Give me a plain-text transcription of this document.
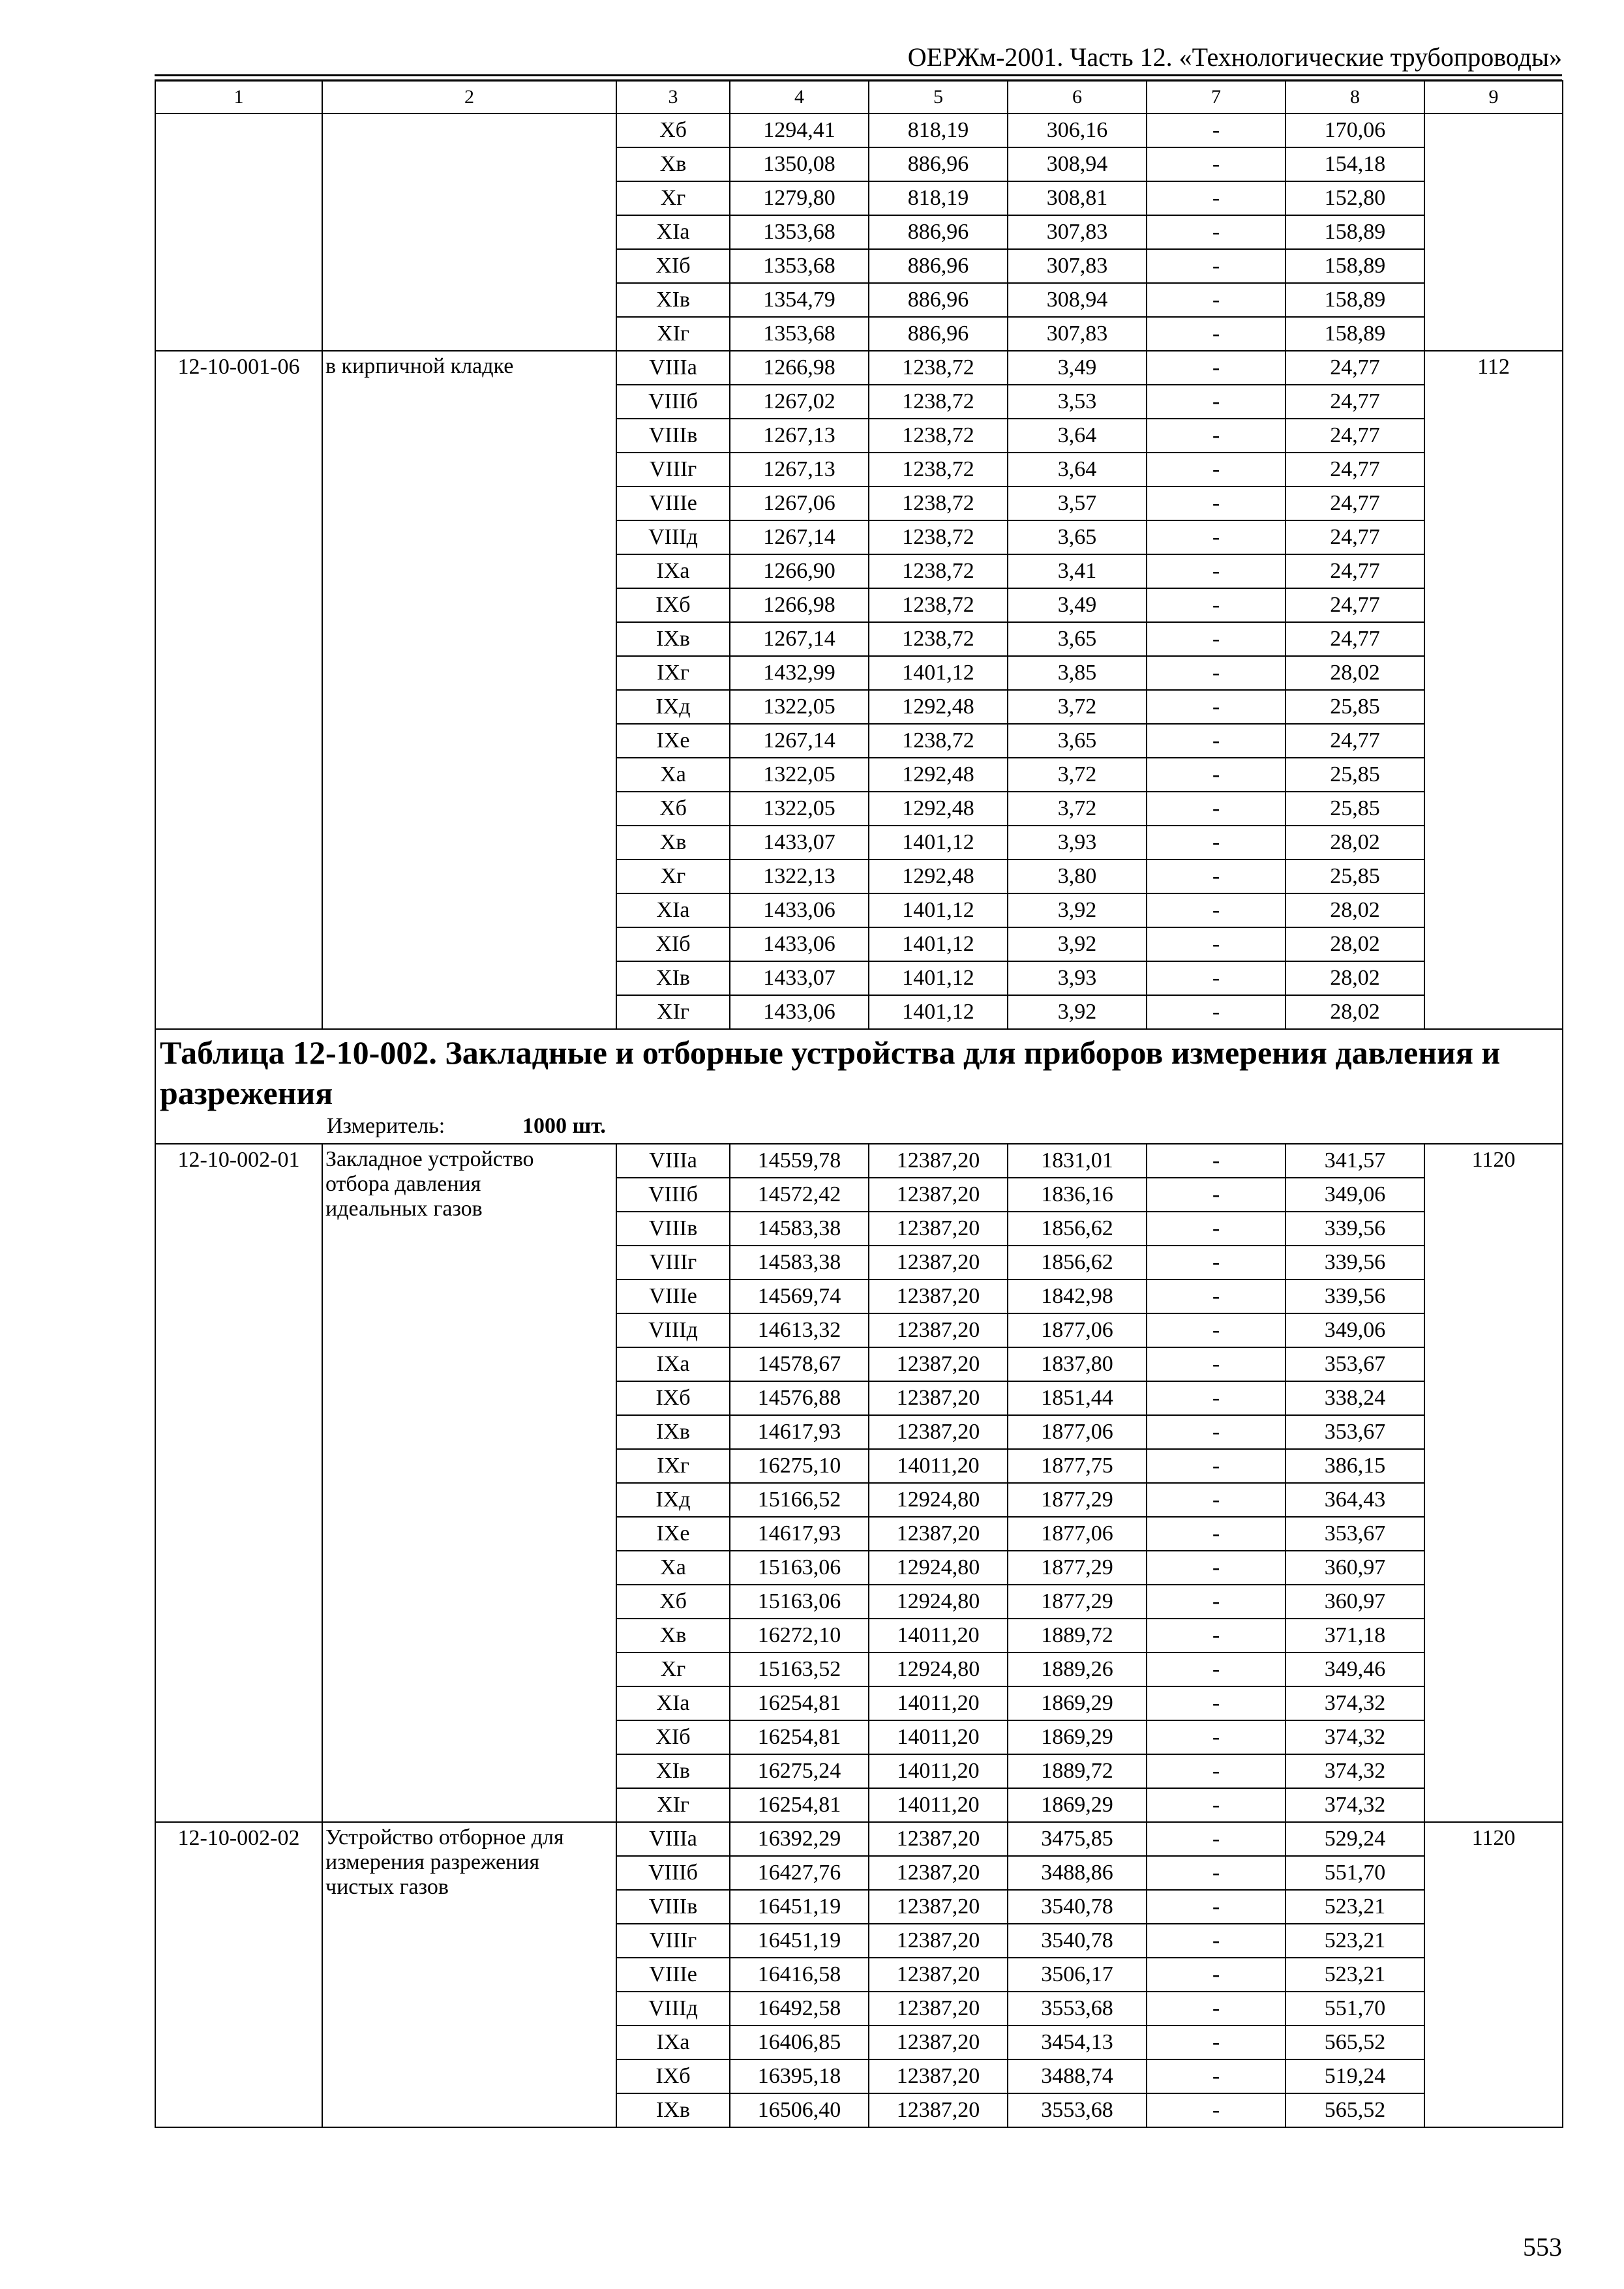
ОЕРЖм-2001. Часть 12. «Технологические трубопроводы»
1	2	3	4	5	6	7	8	9
		Хб	1294,41	818,19	306,16	-	170,06	
		Хв	1350,08	886,96	308,94	-	154,18	
		Хг	1279,80	818,19	308,81	-	152,80	
		XIа	1353,68	886,96	307,83	-	158,89	
		XIб	1353,68	886,96	307,83	-	158,89	
		XIв	1354,79	886,96	308,94	-	158,89	
		XIг	1353,68	886,96	307,83	-	158,89	
12-10-001-06	в кирпичной кладке	VIIIа	1266,98	1238,72	3,49	-	24,77	112
		VIIIб	1267,02	1238,72	3,53	-	24,77	
		VIIIв	1267,13	1238,72	3,64	-	24,77	
		VIIIг	1267,13	1238,72	3,64	-	24,77	
		VIIIе	1267,06	1238,72	3,57	-	24,77	
		VIIIд	1267,14	1238,72	3,65	-	24,77	
		IXа	1266,90	1238,72	3,41	-	24,77	
		IXб	1266,98	1238,72	3,49	-	24,77	
		IXв	1267,14	1238,72	3,65	-	24,77	
		IXг	1432,99	1401,12	3,85	-	28,02	
		IXд	1322,05	1292,48	3,72	-	25,85	
		IXе	1267,14	1238,72	3,65	-	24,77	
		Ха	1322,05	1292,48	3,72	-	25,85	
		Хб	1322,05	1292,48	3,72	-	25,85	
		Хв	1433,07	1401,12	3,93	-	28,02	
		Хг	1322,13	1292,48	3,80	-	25,85	
		XIа	1433,06	1401,12	3,92	-	28,02	
		XIб	1433,06	1401,12	3,92	-	28,02	
		XIв	1433,07	1401,12	3,93	-	28,02	
		XIг	1433,06	1401,12	3,92	-	28,02	

Таблица 12-10-002. Закладные и отборные устройства для приборов измерения давления и разрежения
Измеритель: 1000 шт.								

12-10-002-01	Закладное устройство
отбора давления
идеальных газов	VIIIа	14559,78	12387,20	1831,01	-	341,57	1120
		VIIIб	14572,42	12387,20	1836,16	-	349,06	
		VIIIв	14583,38	12387,20	1856,62	-	339,56	
		VIIIг	14583,38	12387,20	1856,62	-	339,56	
		VIIIе	14569,74	12387,20	1842,98	-	339,56	
		VIIIд	14613,32	12387,20	1877,06	-	349,06	
		IXа	14578,67	12387,20	1837,80	-	353,67	
		IXб	14576,88	12387,20	1851,44	-	338,24	
		IXв	14617,93	12387,20	1877,06	-	353,67	
		IXг	16275,10	14011,20	1877,75	-	386,15	
		IXд	15166,52	12924,80	1877,29	-	364,43	
		IXе	14617,93	12387,20	1877,06	-	353,67	
		Ха	15163,06	12924,80	1877,29	-	360,97	
		Хб	15163,06	12924,80	1877,29	-	360,97	
		Хв	16272,10	14011,20	1889,72	-	371,18	
		Хг	15163,52	12924,80	1889,26	-	349,46	
		XIа	16254,81	14011,20	1869,29	-	374,32	
		XIб	16254,81	14011,20	1869,29	-	374,32	
		XIв	16275,24	14011,20	1889,72	-	374,32	
		XIг	16254,81	14011,20	1869,29	-	374,32	
12-10-002-02	Устройство отборное для
измерения разрежения
чистых газов	VIIIа	16392,29	12387,20	3475,85	-	529,24	1120
		VIIIб	16427,76	12387,20	3488,86	-	551,70	
		VIIIв	16451,19	12387,20	3540,78	-	523,21	
		VIIIг	16451,19	12387,20	3540,78	-	523,21	
		VIIIе	16416,58	12387,20	3506,17	-	523,21	
		VIIIд	16492,58	12387,20	3553,68	-	551,70	
		IXа	16406,85	12387,20	3454,13	-	565,52	
		IXб	16395,18	12387,20	3488,74	-	519,24	
		IXв	16506,40	12387,20	3553,68	-	565,52	
553
